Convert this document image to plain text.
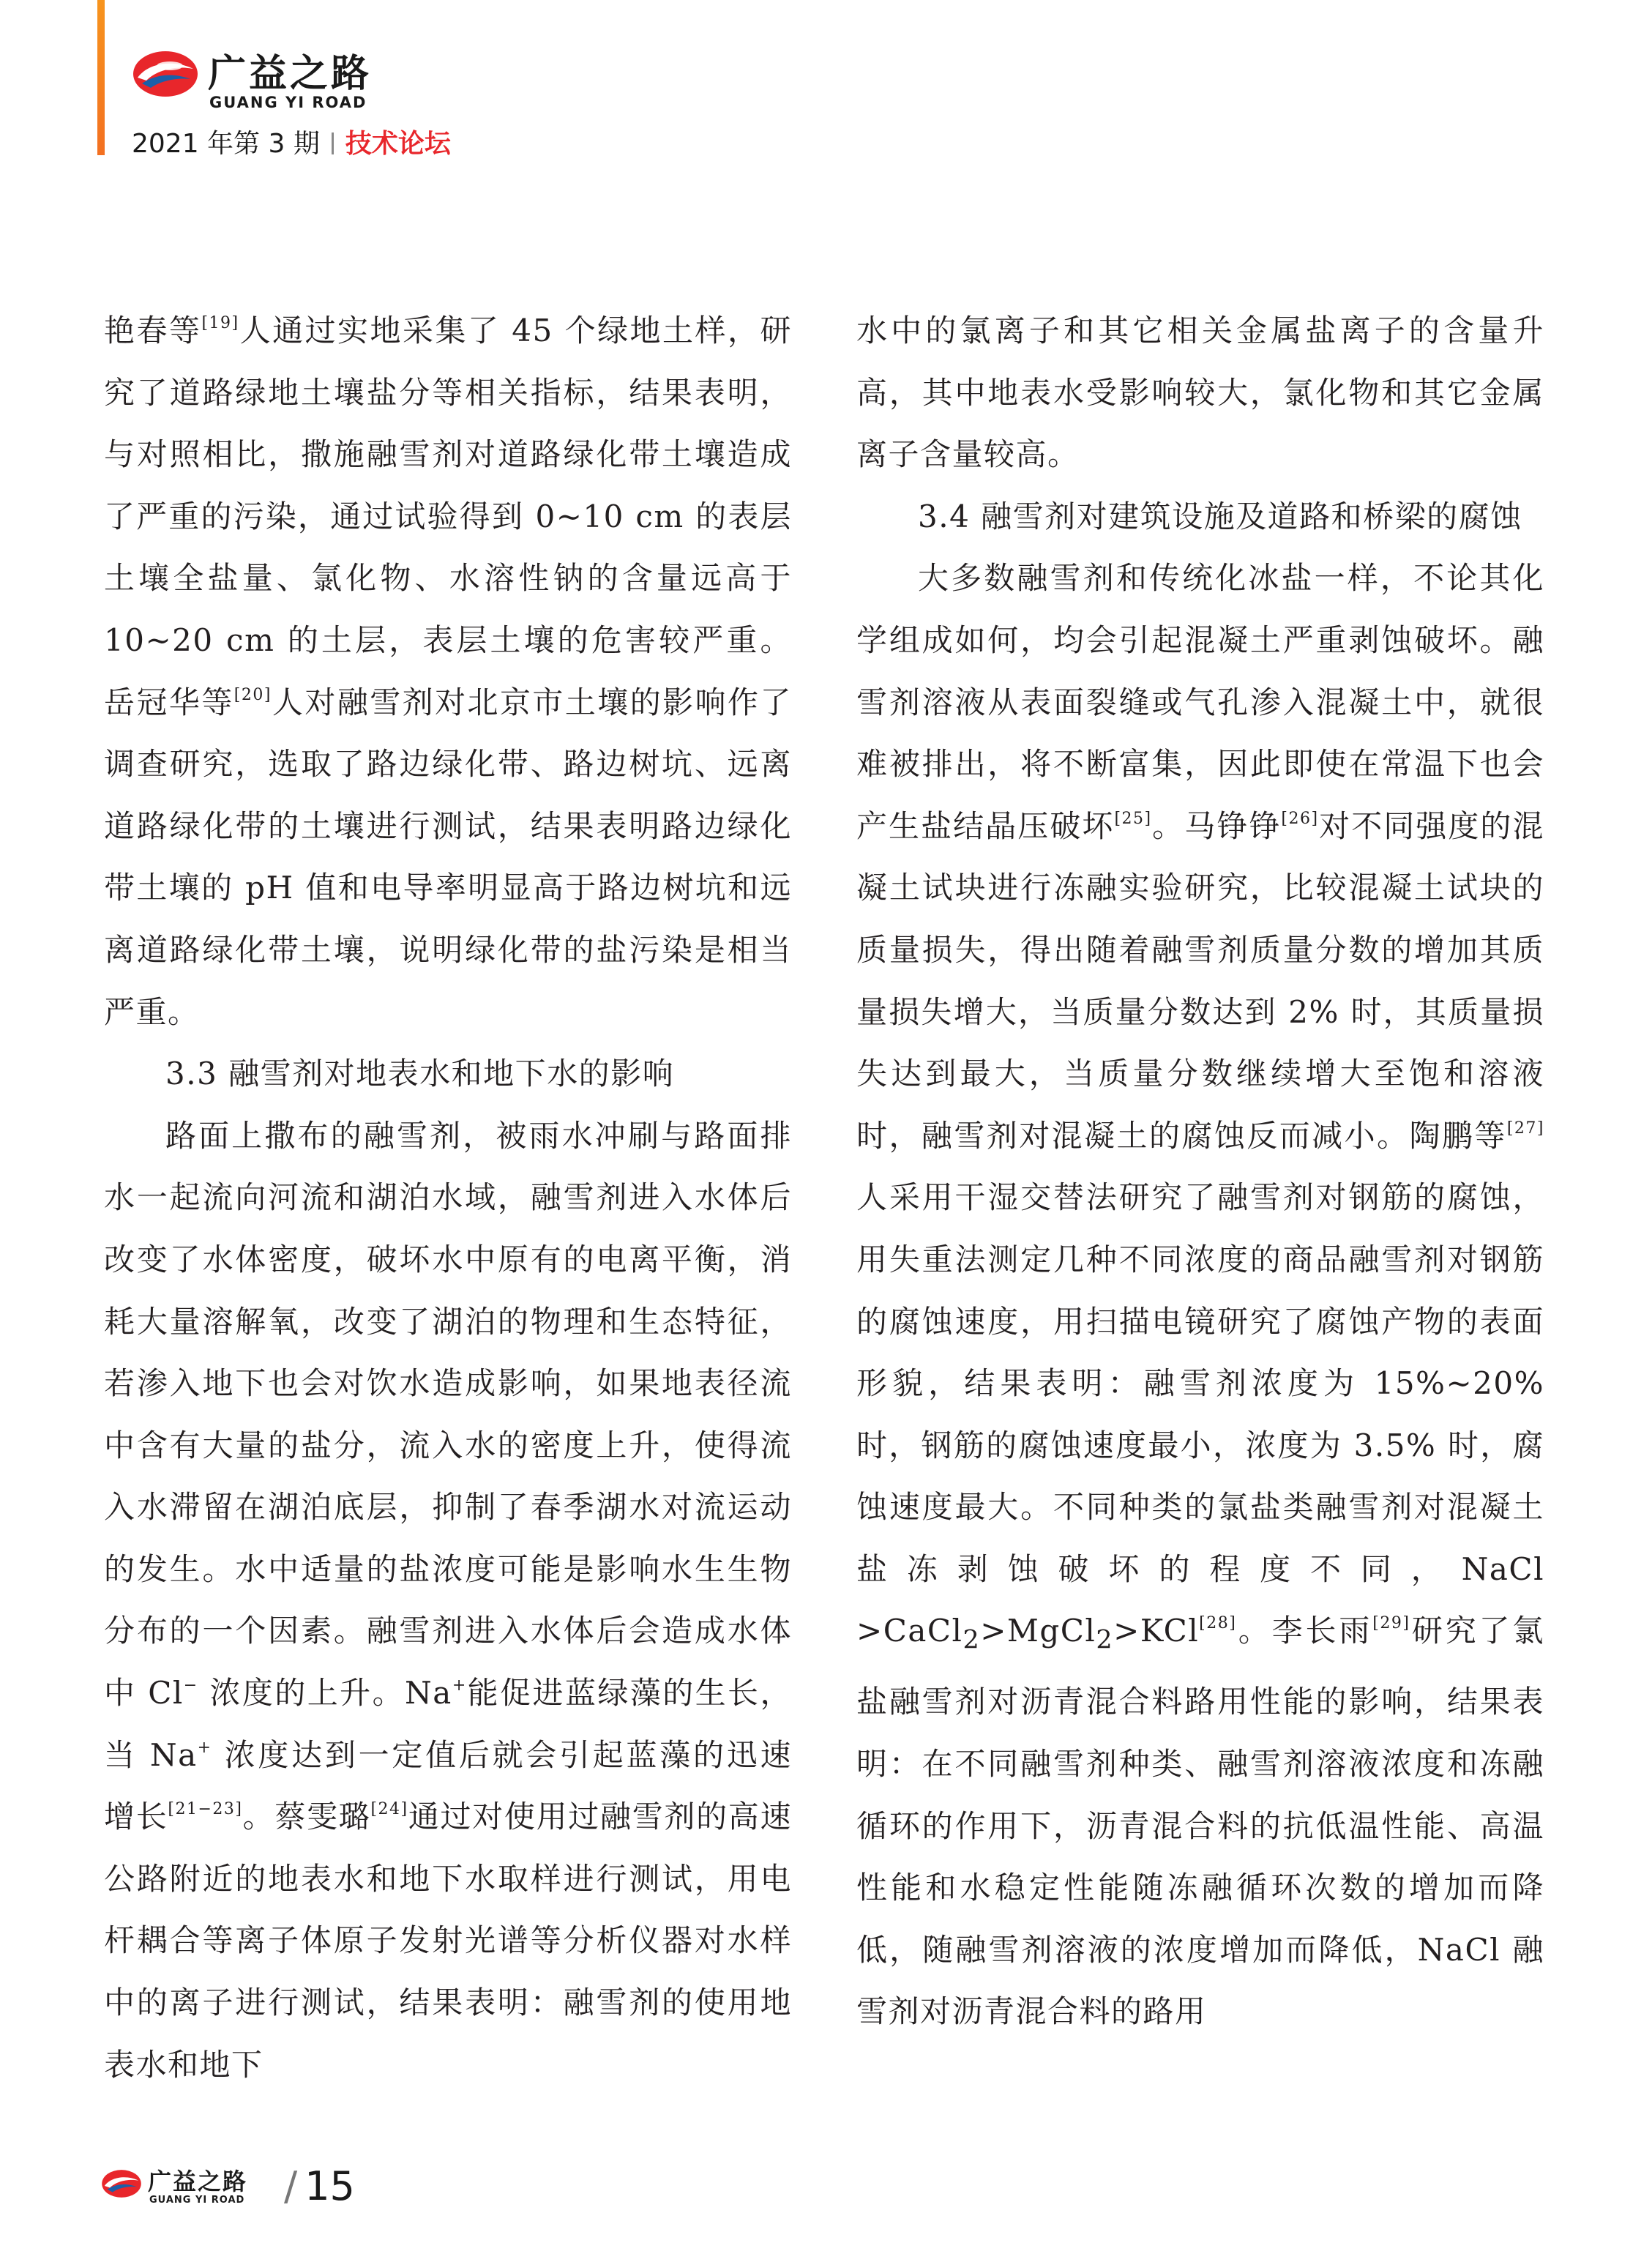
广益之路
GUANG YI ROAD
2021 年第 3 期 技术论坛

艳春等[19]人通过实地采集了 45 个绿地土样，研究了道路绿地土壤盐分等相关指标，结果表明，与对照相比，撒施融雪剂对道路绿化带土壤造成了严重的污染，通过试验得到 0~10 cm 的表层土壤全盐量、氯化物、水溶性钠的含量远高于 10~20 cm 的土层，表层土壤的危害较严重。岳冠华等[20]人对融雪剂对北京市土壤的影响作了调查研究，选取了路边绿化带、路边树坑、远离道路绿化带的土壤进行测试，结果表明路边绿化带土壤的 pH 值和电导率明显高于路边树坑和远离道路绿化带土壤，说明绿化带的盐污染是相当严重。

3.3 融雪剂对地表水和地下水的影响

路面上撒布的融雪剂，被雨水冲刷与路面排水一起流向河流和湖泊水域，融雪剂进入水体后改变了水体密度，破坏水中原有的电离平衡，消耗大量溶解氧，改变了湖泊的物理和生态特征，若渗入地下也会对饮水造成影响，如果地表径流中含有大量的盐分，流入水的密度上升，使得流入水滞留在湖泊底层，抑制了春季湖水对流运动的发生。水中适量的盐浓度可能是影响水生生物分布的一个因素。融雪剂进入水体后会造成水体中 Cl− 浓度的上升。Na+能促进蓝绿藻的生长，当 Na+ 浓度达到一定值后就会引起蓝藻的迅速增长[21−23]。蔡雯璐[24]通过对使用过融雪剂的高速公路附近的地表水和地下水取样进行测试，用电杆耦合等离子体原子发射光谱等分析仪器对水样中的离子进行测试，结果表明：融雪剂的使用地表水和地下

水中的氯离子和其它相关金属盐离子的含量升高，其中地表水受影响较大，氯化物和其它金属离子含量较高。

3.4 融雪剂对建筑设施及道路和桥梁的腐蚀

大多数融雪剂和传统化冰盐一样，不论其化学组成如何，均会引起混凝土严重剥蚀破坏。融雪剂溶液从表面裂缝或气孔渗入混凝土中，就很难被排出，将不断富集，因此即使在常温下也会产生盐结晶压破坏[25]。马铮铮[26]对不同强度的混凝土试块进行冻融实验研究，比较混凝土试块的质量损失，得出随着融雪剂质量分数的增加其质量损失增大，当质量分数达到 2% 时，其质量损失达到最大，当质量分数继续增大至饱和溶液时，融雪剂对混凝土的腐蚀反而减小。陶鹏等[27]人采用干湿交替法研究了融雪剂对钢筋的腐蚀，用失重法测定几种不同浓度的商品融雪剂对钢筋的腐蚀速度，用扫描电镜研究了腐蚀产物的表面形貌，结果表明：融雪剂浓度为 15%~20% 时，钢筋的腐蚀速度最小，浓度为 3.5% 时，腐蚀速度最大。不同种类的氯盐类融雪剂对混凝土盐冻剥蚀破坏的程度不同，NaCl >CaCl$_2$>MgCl$_2$>KCl[28]。李长雨[29]研究了氯盐融雪剂对沥青混合料路用性能的影响，结果表明：在不同融雪剂种类、融雪剂溶液浓度和冻融循环的作用下，沥青混合料的抗低温性能、高温性能和水稳定性能随冻融循环次数的增加而降低，随融雪剂溶液的浓度增加而降低，NaCl 融雪剂对沥青混合料的路用

广益之路
GUANG YI ROAD / 15
